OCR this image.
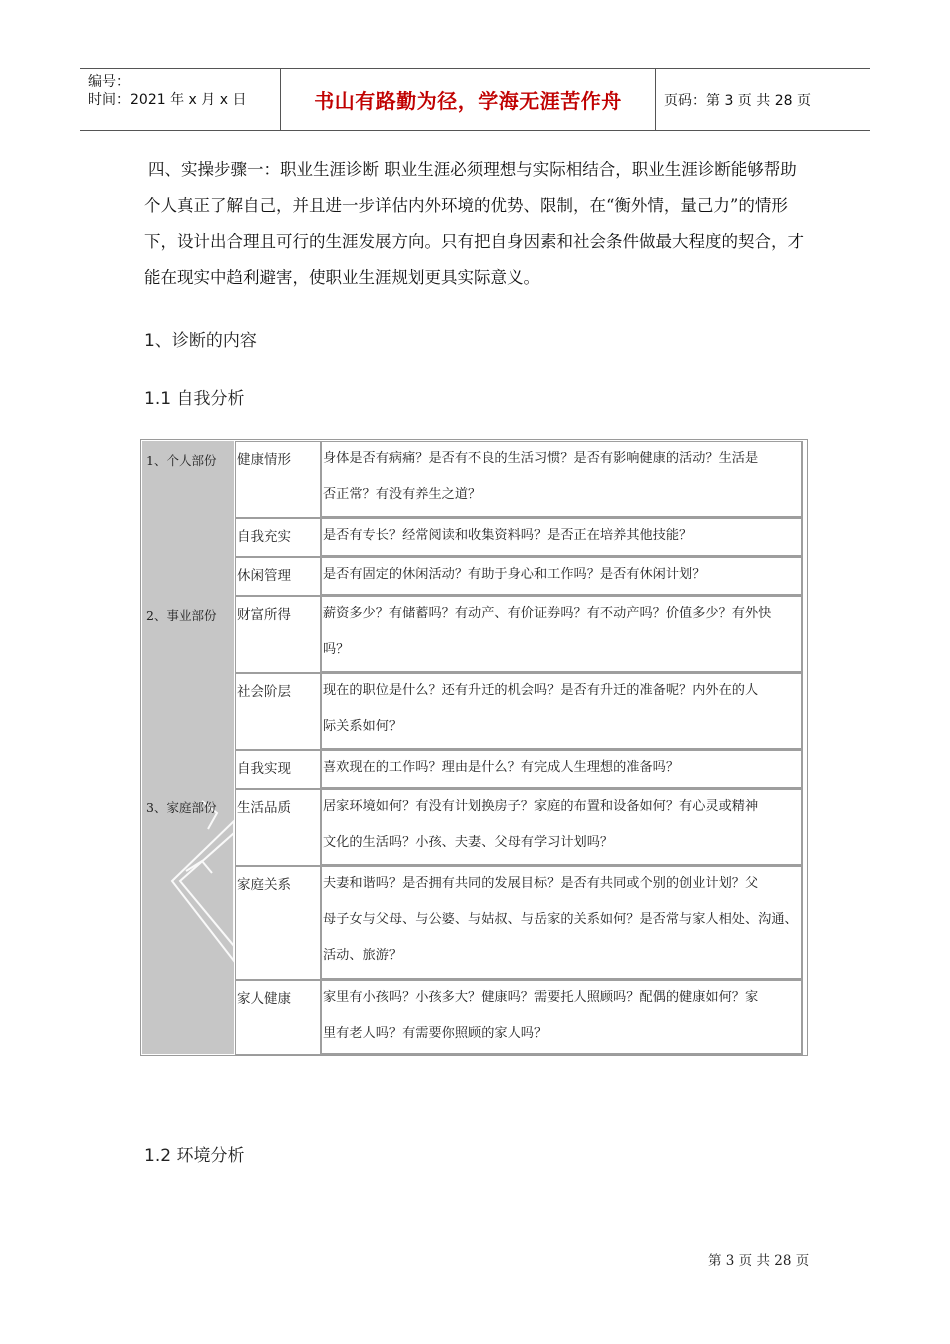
编号：
时间：2021 年 x 月 x 日	书山有路勤为径，学海无涯苦作舟	页码：第 3 页 共 28 页
四、实操步骤一：职业生涯诊断 职业生涯必须理想与实际相结合，职业生涯诊断能够帮助个人真正了解自己，并且进一步详估内外环境的优势、限制，在“衡外情，量己力”的情形下，设计出合理且可行的生涯发展方向。只有把自身因素和社会条件做最大程度的契合，才能在现实中趋利避害，使职业生涯规划更具实际意义。
1、诊断的内容
1.1 自我分析
1、个人部份
2、事业部份
3、家庭部份
健康情形	身体是否有病痛？是否有不良的生活习惯？是否有影响健康的活动？生活是
否正常？有没有养生之道？
自我充实	是否有专长？经常阅读和收集资料吗？是否正在培养其他技能？
休闲管理	是否有固定的休闲活动？有助于身心和工作吗？是否有休闲计划？
财富所得	薪资多少？有储蓄吗？有动产、有价证券吗？有不动产吗？价值多少？有外快
吗？
社会阶层	现在的职位是什么？还有升迁的机会吗？是否有升迁的准备呢？内外在的人
际关系如何？
自我实现	喜欢现在的工作吗？理由是什么？有完成人生理想的准备吗？
生活品质	居家环境如何？有没有计划换房子？家庭的布置和设备如何？有心灵或精神
文化的生活吗？小孩、夫妻、父母有学习计划吗？
家庭关系	夫妻和谐吗？是否拥有共同的发展目标？是否有共同或个别的创业计划？父
母子女与父母、与公婆、与姑叔、与岳家的关系如何？是否常与家人相处、沟通、
活动、旅游？
家人健康	家里有小孩吗？小孩多大？健康吗？需要托人照顾吗？配偶的健康如何？家
里有老人吗？有需要你照顾的家人吗？
1.2 环境分析
第 3 页 共 28 页
